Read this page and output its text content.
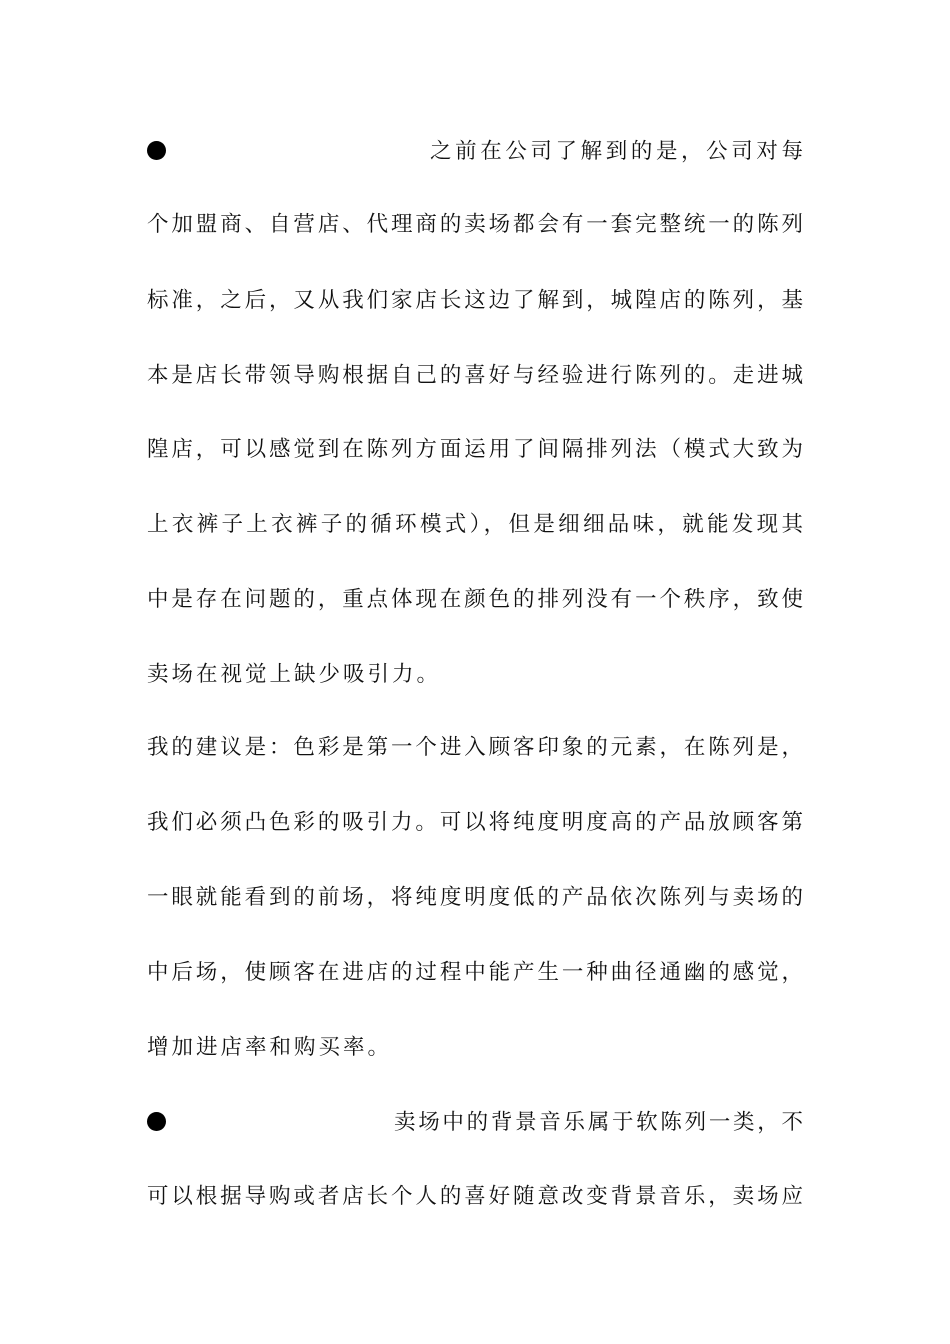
之前在公司了解到的是，公司对每
个加盟商、自营店、代理商的卖场都会有一套完整统一的陈列
标准，之后，又从我们家店长这边了解到，城隍店的陈列，基
本是店长带领导购根据自己的喜好与经验进行陈列的。走进城
隍店，可以感觉到在陈列方面运用了间隔排列法（模式大致为
上衣裤子上衣裤子的循环模式），但是细细品味，就能发现其
中是存在问题的，重点体现在颜色的排列没有一个秩序，致使
卖场在视觉上缺少吸引力。
我的建议是：色彩是第一个进入顾客印象的元素，在陈列是，
我们必须凸色彩的吸引力。可以将纯度明度高的产品放顾客第
一眼就能看到的前场，将纯度明度低的产品依次陈列与卖场的
中后场，使顾客在进店的过程中能产生一种曲径通幽的感觉，
增加进店率和购买率。
卖场中的背景音乐属于软陈列一类，不
可以根据导购或者店长个人的喜好随意改变背景音乐，卖场应
